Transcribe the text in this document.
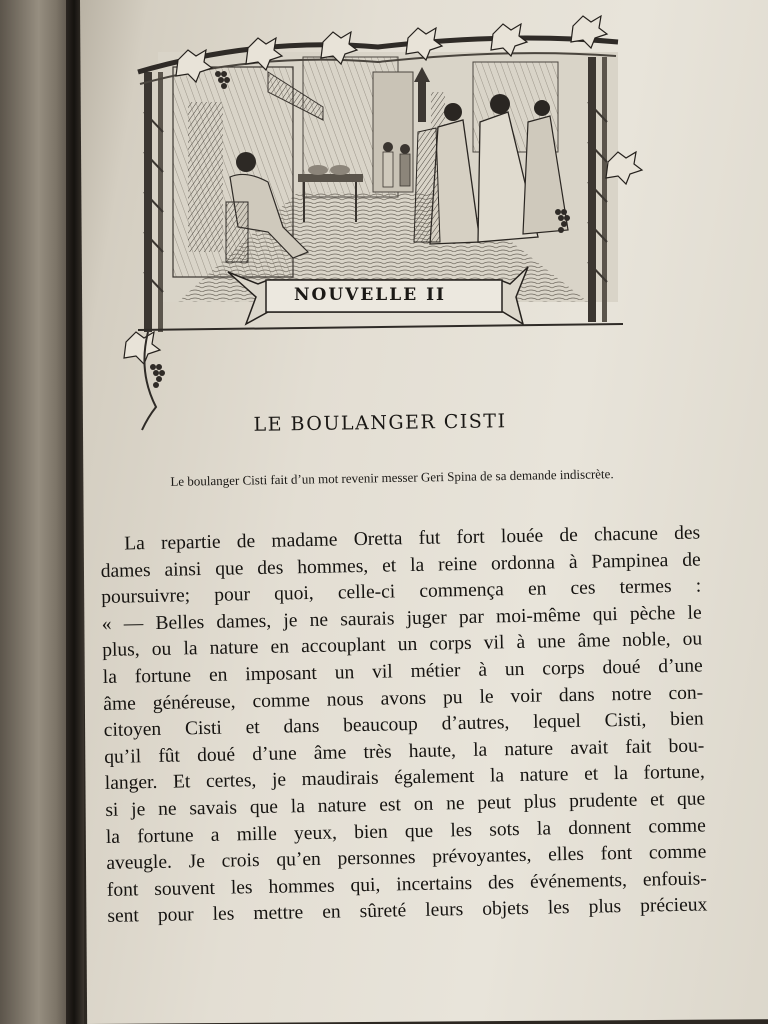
NOUVELLE II
LE BOULANGER CISTI
Le boulanger Cisti fait d’un mot revenir messer Geri Spina de sa demande indiscrète.
La repartie de madame Oretta fut fort louée de chacune des
dames ainsi que des hommes, et la reine ordonna à Pampinea de
poursuivre; pour quoi, celle-ci commença en ces termes :
« — Belles dames, je ne saurais juger par moi-même qui pèche le
plus, ou la nature en accouplant un corps vil à une âme noble, ou
la fortune en imposant un vil métier à un corps doué d’une
âme généreuse, comme nous avons pu le voir dans notre con-
citoyen Cisti et dans beaucoup d’autres, lequel Cisti, bien
qu’il fût doué d’une âme très haute, la nature avait fait bou-
langer. Et certes, je maudirais également la nature et la fortune,
si je ne savais que la nature est on ne peut plus prudente et que
la fortune a mille yeux, bien que les sots la donnent comme
aveugle. Je crois qu’en personnes prévoyantes, elles font comme
font souvent les hommes qui, incertains des événements, enfouis-
sent pour les mettre en sûreté leurs objets les plus précieux
